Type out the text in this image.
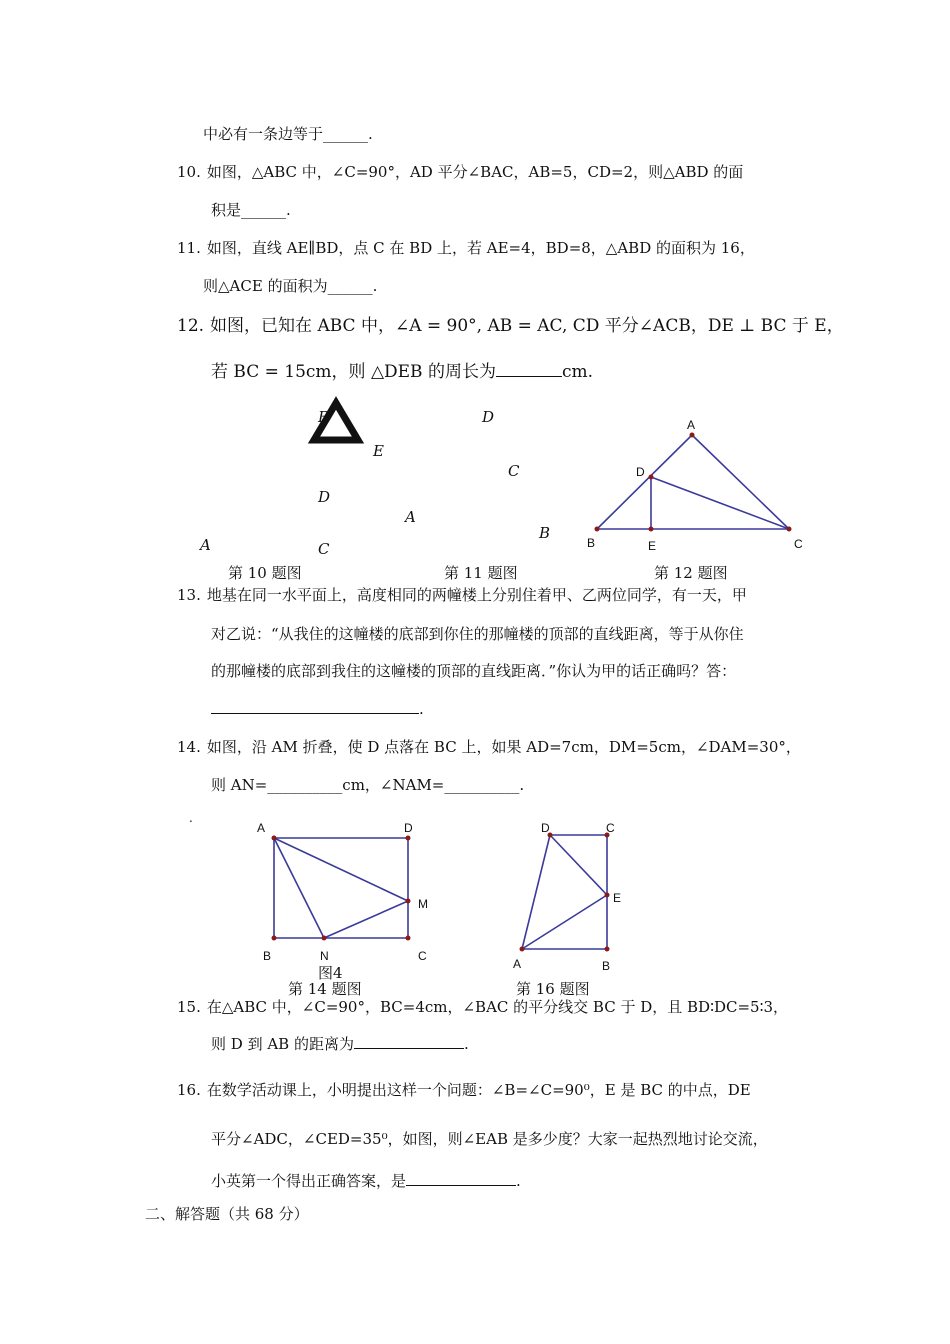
中必有一条边等于______.
10. 如图，△ABC 中，∠C=90°，AD 平分∠BAC，AB=5，CD=2，则△ABD 的面
积是______.
11. 如图，直线 AE∥BD，点 C 在 BD 上，若 AE=4，BD=8，△ABD 的面积为 16，
则△ACE 的面积为______.
12. 如图，已知在 ABC 中，∠A = 90°, AB = AC, CD 平分∠ACB，DE ⊥ BC 于 E，
若 BC = 15cm，则 △DEB 的周长为	cm.
B
E
D
A	C
第 10 题图
D
C
A
B
第 11 题图
A
D
B	E	C
第 12 题图
13. 地基在同一水平面上，高度相同的两幢楼上分别住着甲、乙两位同学，有一天，甲
对乙说：“从我住的这幢楼的底部到你住的那幢楼的顶部的直线距离，等于从你住
的那幢楼的底部到我住的这幢楼的顶部的直线距离．”你认为甲的话正确吗？答：
.
14. 如图，沿 AM 折叠，使 D 点落在 BC 上，如果 AD=7cm，DM=5cm，∠DAM=30°，
则 AN=__________cm，∠NAM=__________.
.
A	D
M
B	N	C
D	C
E
A	B
图4
第 14 题图	第 16 题图
15. 在△ABC 中，∠C=90°，BC=4cm，∠BAC 的平分线交 BC 于 D，且 BD∶DC=5∶3，
则 D 到 AB 的距离为	.
16. 在数学活动课上，小明提出这样一个问题：∠B=∠C=90⁰，E 是 BC 的中点，DE
平分∠ADC，∠CED=35⁰，如图，则∠EAB 是多少度？大家一起热烈地讨论交流，
小英第一个得出正确答案，是	.
二、解答题（共 68 分）
